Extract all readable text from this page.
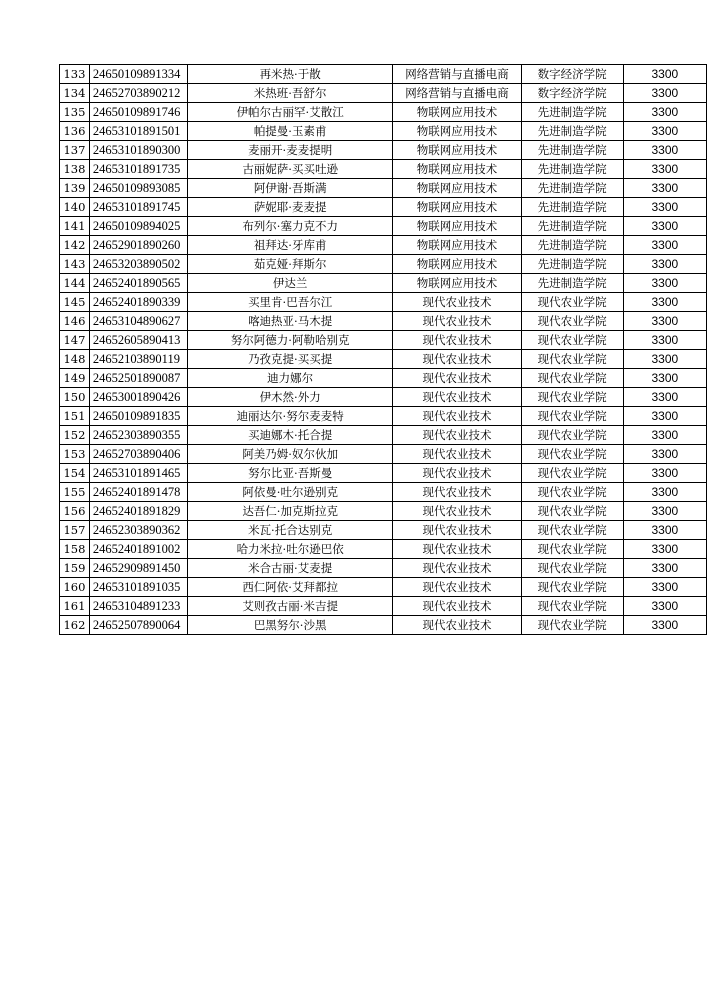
133	24650109891334	再米热·于散	网络营销与直播电商	数字经济学院	3300
134	24652703890212	米热班·吾舒尔	网络营销与直播电商	数字经济学院	3300
135	24650109891746	伊帕尔古丽罕·艾散江	物联网应用技术	先进制造学院	3300
136	24653101891501	帕提曼·玉素甫	物联网应用技术	先进制造学院	3300
137	24653101890300	麦丽开·麦麦提明	物联网应用技术	先进制造学院	3300
138	24653101891735	古丽妮萨·买买吐逊	物联网应用技术	先进制造学院	3300
139	24650109893085	阿伊谢·吾斯满	物联网应用技术	先进制造学院	3300
140	24653101891745	萨妮耶·麦麦提	物联网应用技术	先进制造学院	3300
141	24650109894025	布列尔·塞力克不力	物联网应用技术	先进制造学院	3300
142	24652901890260	祖拜达·牙库甫	物联网应用技术	先进制造学院	3300
143	24653203890502	茹克娅·拜斯尔	物联网应用技术	先进制造学院	3300
144	24652401890565	伊达兰	物联网应用技术	先进制造学院	3300
145	24652401890339	买里肯·巴吾尔江	现代农业技术	现代农业学院	3300
146	24653104890627	喀迪热亚·马木提	现代农业技术	现代农业学院	3300
147	24652605890413	努尔阿德力·阿勒哈别克	现代农业技术	现代农业学院	3300
148	24652103890119	乃孜克提·买买提	现代农业技术	现代农业学院	3300
149	24652501890087	迪力娜尔	现代农业技术	现代农业学院	3300
150	24653001890426	伊木然·外力	现代农业技术	现代农业学院	3300
151	24650109891835	迪丽达尔·努尔麦麦特	现代农业技术	现代农业学院	3300
152	24652303890355	买迪娜木·托合提	现代农业技术	现代农业学院	3300
153	24652703890406	阿美乃姆·奴尔伙加	现代农业技术	现代农业学院	3300
154	24653101891465	努尔比亚·吾斯曼	现代农业技术	现代农业学院	3300
155	24652401891478	阿依曼·吐尔逊别克	现代农业技术	现代农业学院	3300
156	24652401891829	达吾仁·加克斯拉克	现代农业技术	现代农业学院	3300
157	24652303890362	米瓦·托合达别克	现代农业技术	现代农业学院	3300
158	24652401891002	哈力米拉·吐尔逊巴依	现代农业技术	现代农业学院	3300
159	24652909891450	米合古丽·艾麦提	现代农业技术	现代农业学院	3300
160	24653101891035	西仁阿依·艾拜都拉	现代农业技术	现代农业学院	3300
161	24653104891233	艾则孜古丽·米吉提	现代农业技术	现代农业学院	3300
162	24652507890064	巴黑努尔·沙黑	现代农业技术	现代农业学院	3300
